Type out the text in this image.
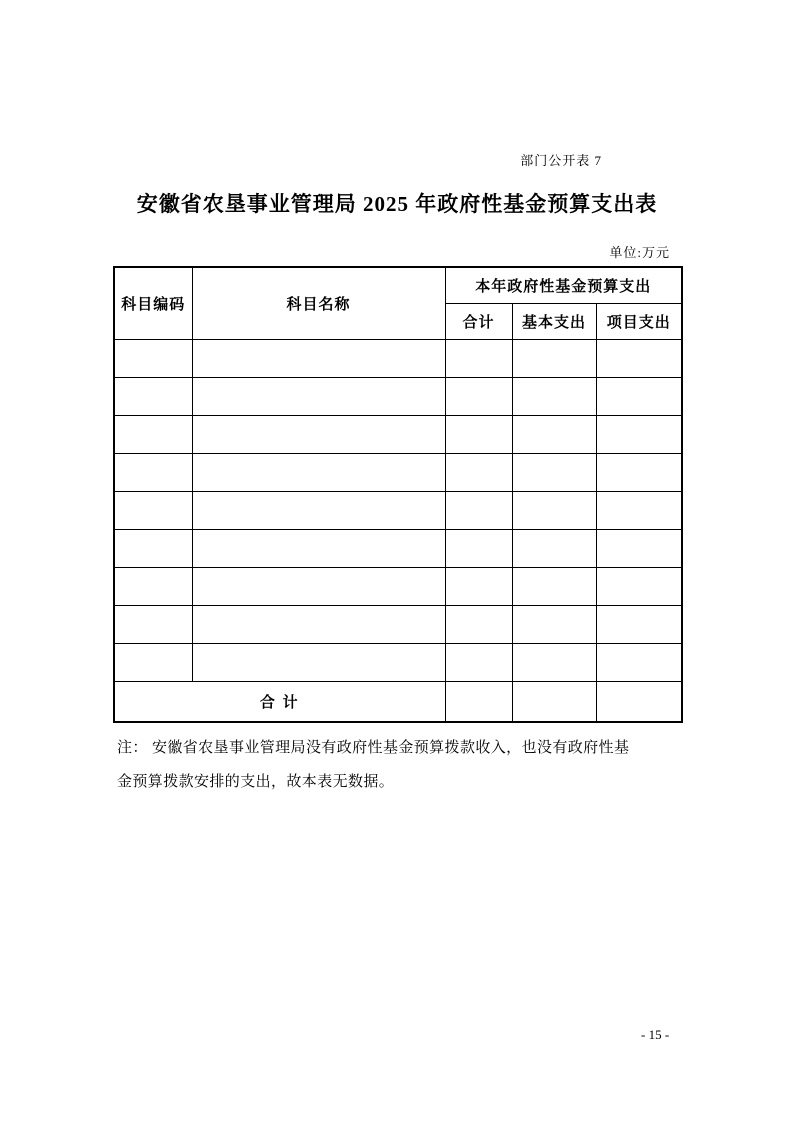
部门公开表 7
安徽省农垦事业管理局 2025 年政府性基金预算支出表
单位:万元
科目编码	科目名称	本年政府性基金预算支出		
		合计	基本支出	项目支出

合 计				
注： 安徽省农垦事业管理局没有政府性基金预算拨款收入，也没有政府性基
金预算拨款安排的支出，故本表无数据。
- 15 -
